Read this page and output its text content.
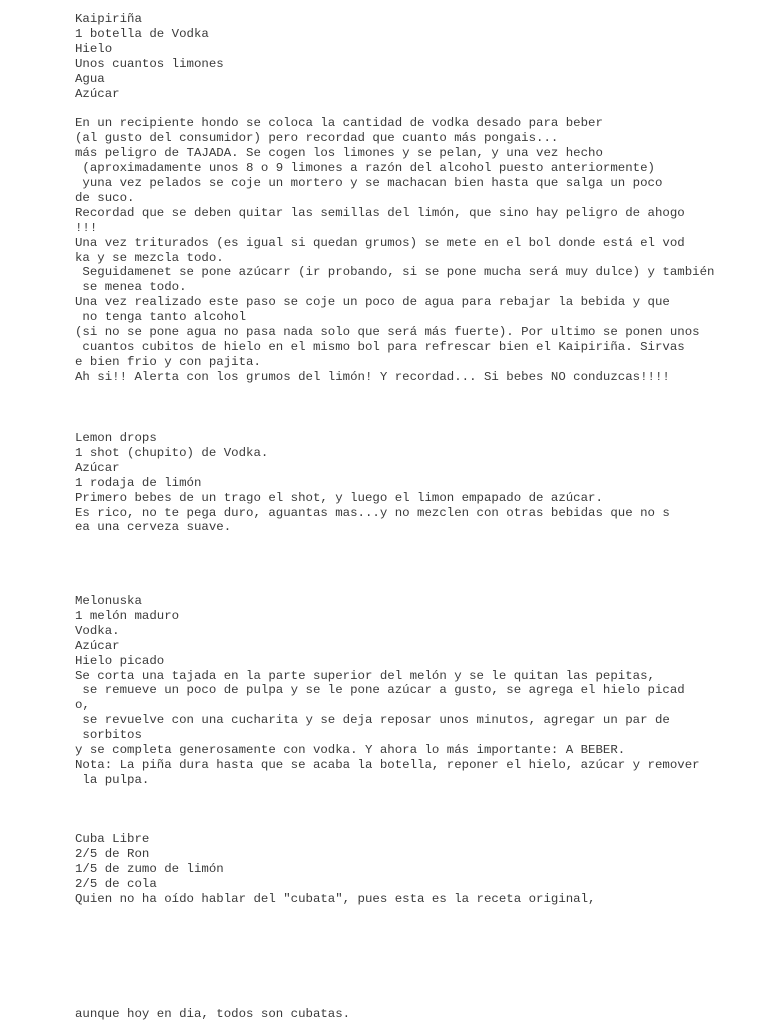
Kaipiriña
1 botella de Vodka
Hielo
Unos cuantos limones
Agua
Azúcar

En un recipiente hondo se coloca la cantidad de vodka desado para beber
(al gusto del consumidor) pero recordad que cuanto más pongais...
más peligro de TAJADA. Se cogen los limones y se pelan, y una vez hecho
(aproximadamente unos 8 o 9 limones a razón del alcohol puesto anteriormente)
yuna vez pelados se coje un mortero y se machacan bien hasta que salga un poco
de suco.
Recordad que se deben quitar las semillas del limón, que sino hay peligro de ahogo
!!!
Una vez triturados (es igual si quedan grumos) se mete en el bol donde está el vod
ka y se mezcla todo.
Seguidamenet se pone azúcarr (ir probando, si se pone mucha será muy dulce) y también
se menea todo.
Una vez realizado este paso se coje un poco de agua para rebajar la bebida y que
no tenga tanto alcohol
(si no se pone agua no pasa nada solo que será más fuerte). Por ultimo se ponen unos
cuantos cubitos de hielo en el mismo bol para refrescar bien el Kaipiriña. Sirvas
e bien frio y con pajita.
Ah si!! Alerta con los grumos del limón! Y recordad... Si bebes NO conduzcas!!!!
Lemon drops
1 shot (chupito) de Vodka.
Azúcar
1 rodaja de limón
Primero bebes de un trago el shot, y luego el limon empapado de azúcar.
Es rico, no te pega duro, aguantas mas...y no mezclen con otras bebidas que no s
ea una cerveza suave.
Melonuska
1 melón maduro
Vodka.
Azúcar
Hielo picado
Se corta una tajada en la parte superior del melón y se le quitan las pepitas,
se remueve un poco de pulpa y se le pone azúcar a gusto, se agrega el hielo picad
o,
se revuelve con una cucharita y se deja reposar unos minutos, agregar un par de
sorbitos
y se completa generosamente con vodka. Y ahora lo más importante: A BEBER.
Nota: La piña dura hasta que se acaba la botella, reponer el hielo, azúcar y remover
la pulpa.
Cuba Libre
2/5 de Ron
1/5 de zumo de limón
2/5 de cola
Quien no ha oído hablar del "cubata", pues esta es la receta original,
aunque hoy en dia, todos son cubatas.
